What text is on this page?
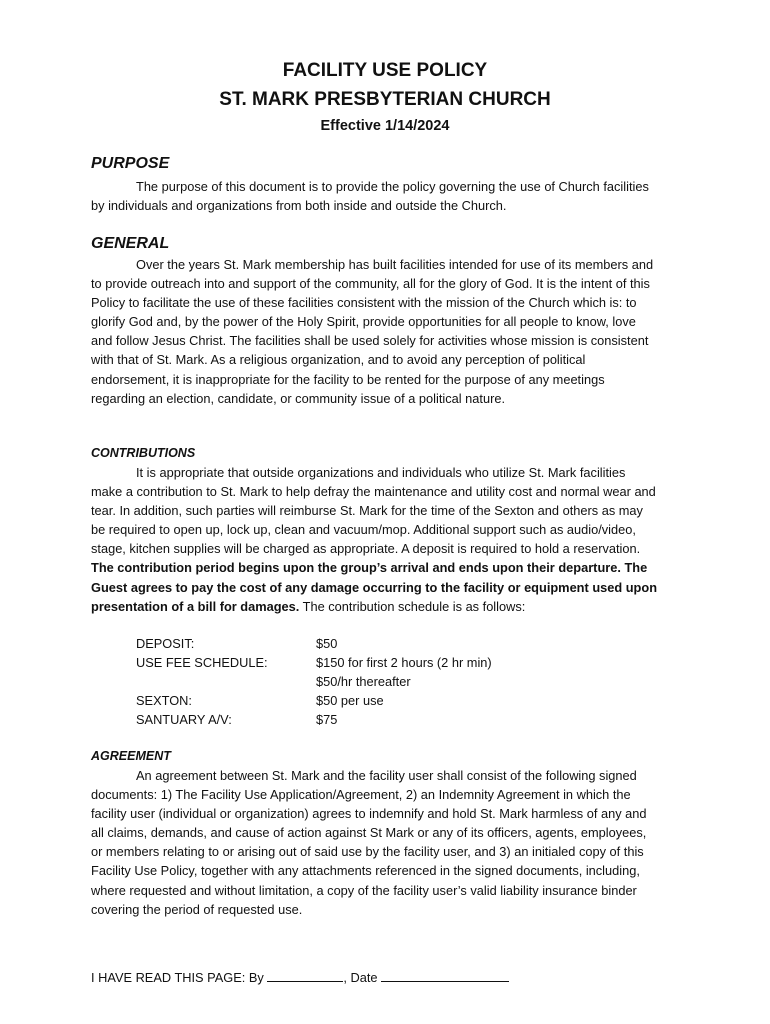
FACILITY USE POLICY
ST. MARK PRESBYTERIAN CHURCH
Effective 1/14/2024
PURPOSE

The purpose of this document is to provide the policy governing the use of Church facilities by individuals and organizations from both inside and outside the Church.

GENERAL

Over the years St. Mark membership has built facilities intended for use of its members and to provide outreach into and support of the community, all for the glory of God. It is the intent of this Policy to facilitate the use of these facilities consistent with the mission of the Church which is: to glorify God and, by the power of the Holy Spirit, provide opportunities for all people to know, love and follow Jesus Christ. The facilities shall be used solely for activities whose mission is consistent with that of St. Mark. As a religious organization, and to avoid any perception of political endorsement, it is inappropriate for the facility to be rented for the purpose of any meetings regarding an election, candidate, or community issue of a political nature.

CONTRIBUTIONS

It is appropriate that outside organizations and individuals who utilize St. Mark facilities make a contribution to St. Mark to help defray the maintenance and utility cost and normal wear and tear. In addition, such parties will reimburse St. Mark for the time of the Sexton and others as may be required to open up, lock up, clean and vacuum/mop. Additional support such as audio/video, stage, kitchen supplies will be charged as appropriate. A deposit is required to hold a reservation. The contribution period begins upon the group’s arrival and ends upon their departure. The Guest agrees to pay the cost of any damage occurring to the facility or equipment used upon presentation of a bill for damages. The contribution schedule is as follows:

DEPOSIT:	$50
USE FEE SCHEDULE:	$150 for first 2 hours (2 hr min)
$50/hr thereafter
SEXTON:	$50 per use
SANTUARY A/V:	$75
AGREEMENT

An agreement between St. Mark and the facility user shall consist of the following signed documents: 1) The Facility Use Application/Agreement, 2) an Indemnity Agreement in which the facility user (individual or organization) agrees to indemnify and hold St. Mark harmless of any and all claims, demands, and cause of action against St Mark or any of its officers, agents, employees, or members relating to or arising out of said use by the facility user, and 3) an initialed copy of this Facility Use Policy, together with any attachments referenced in the signed documents, including, where requested and without limitation, a copy of the facility user’s valid liability insurance binder covering the period of requested use.

I HAVE READ THIS PAGE: By	, Date
